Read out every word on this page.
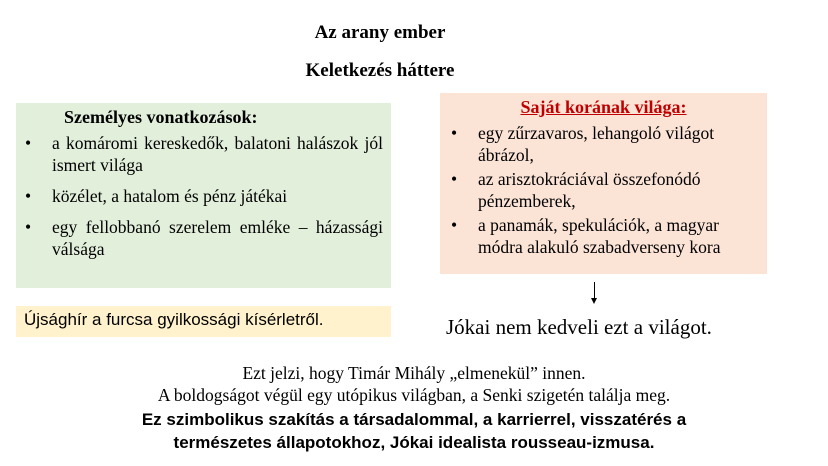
Az arany ember
Keletkezés háttere
Személyes vonatkozások:
• a komáromi kereskedők, balatoni halászok jól ismert világa
• közélet, a hatalom és pénz játékai
• egy fellobbanó szerelem emléke – házassági válsága
Saját korának világa:
• egy zűrzavaros, lehangoló világot ábrázol,
• az arisztokráciával összefonódó pénzemberek,
• a panamák, spekulációk, a magyar módra alakuló szabadverseny kora
Újsághír a furcsa gyilkossági kísérletről.	Jókai nem kedveli ezt a világot.
Ezt jelzi, hogy Timár Mihály „elmenekül” innen.
A boldogságot végül egy utópikus világban, a Senki szigetén találja meg.
Ez szimbolikus szakítás a társadalommal, a karrierrel, visszatérés a
természetes állapotokhoz, Jókai idealista rousseau-izmusa.
